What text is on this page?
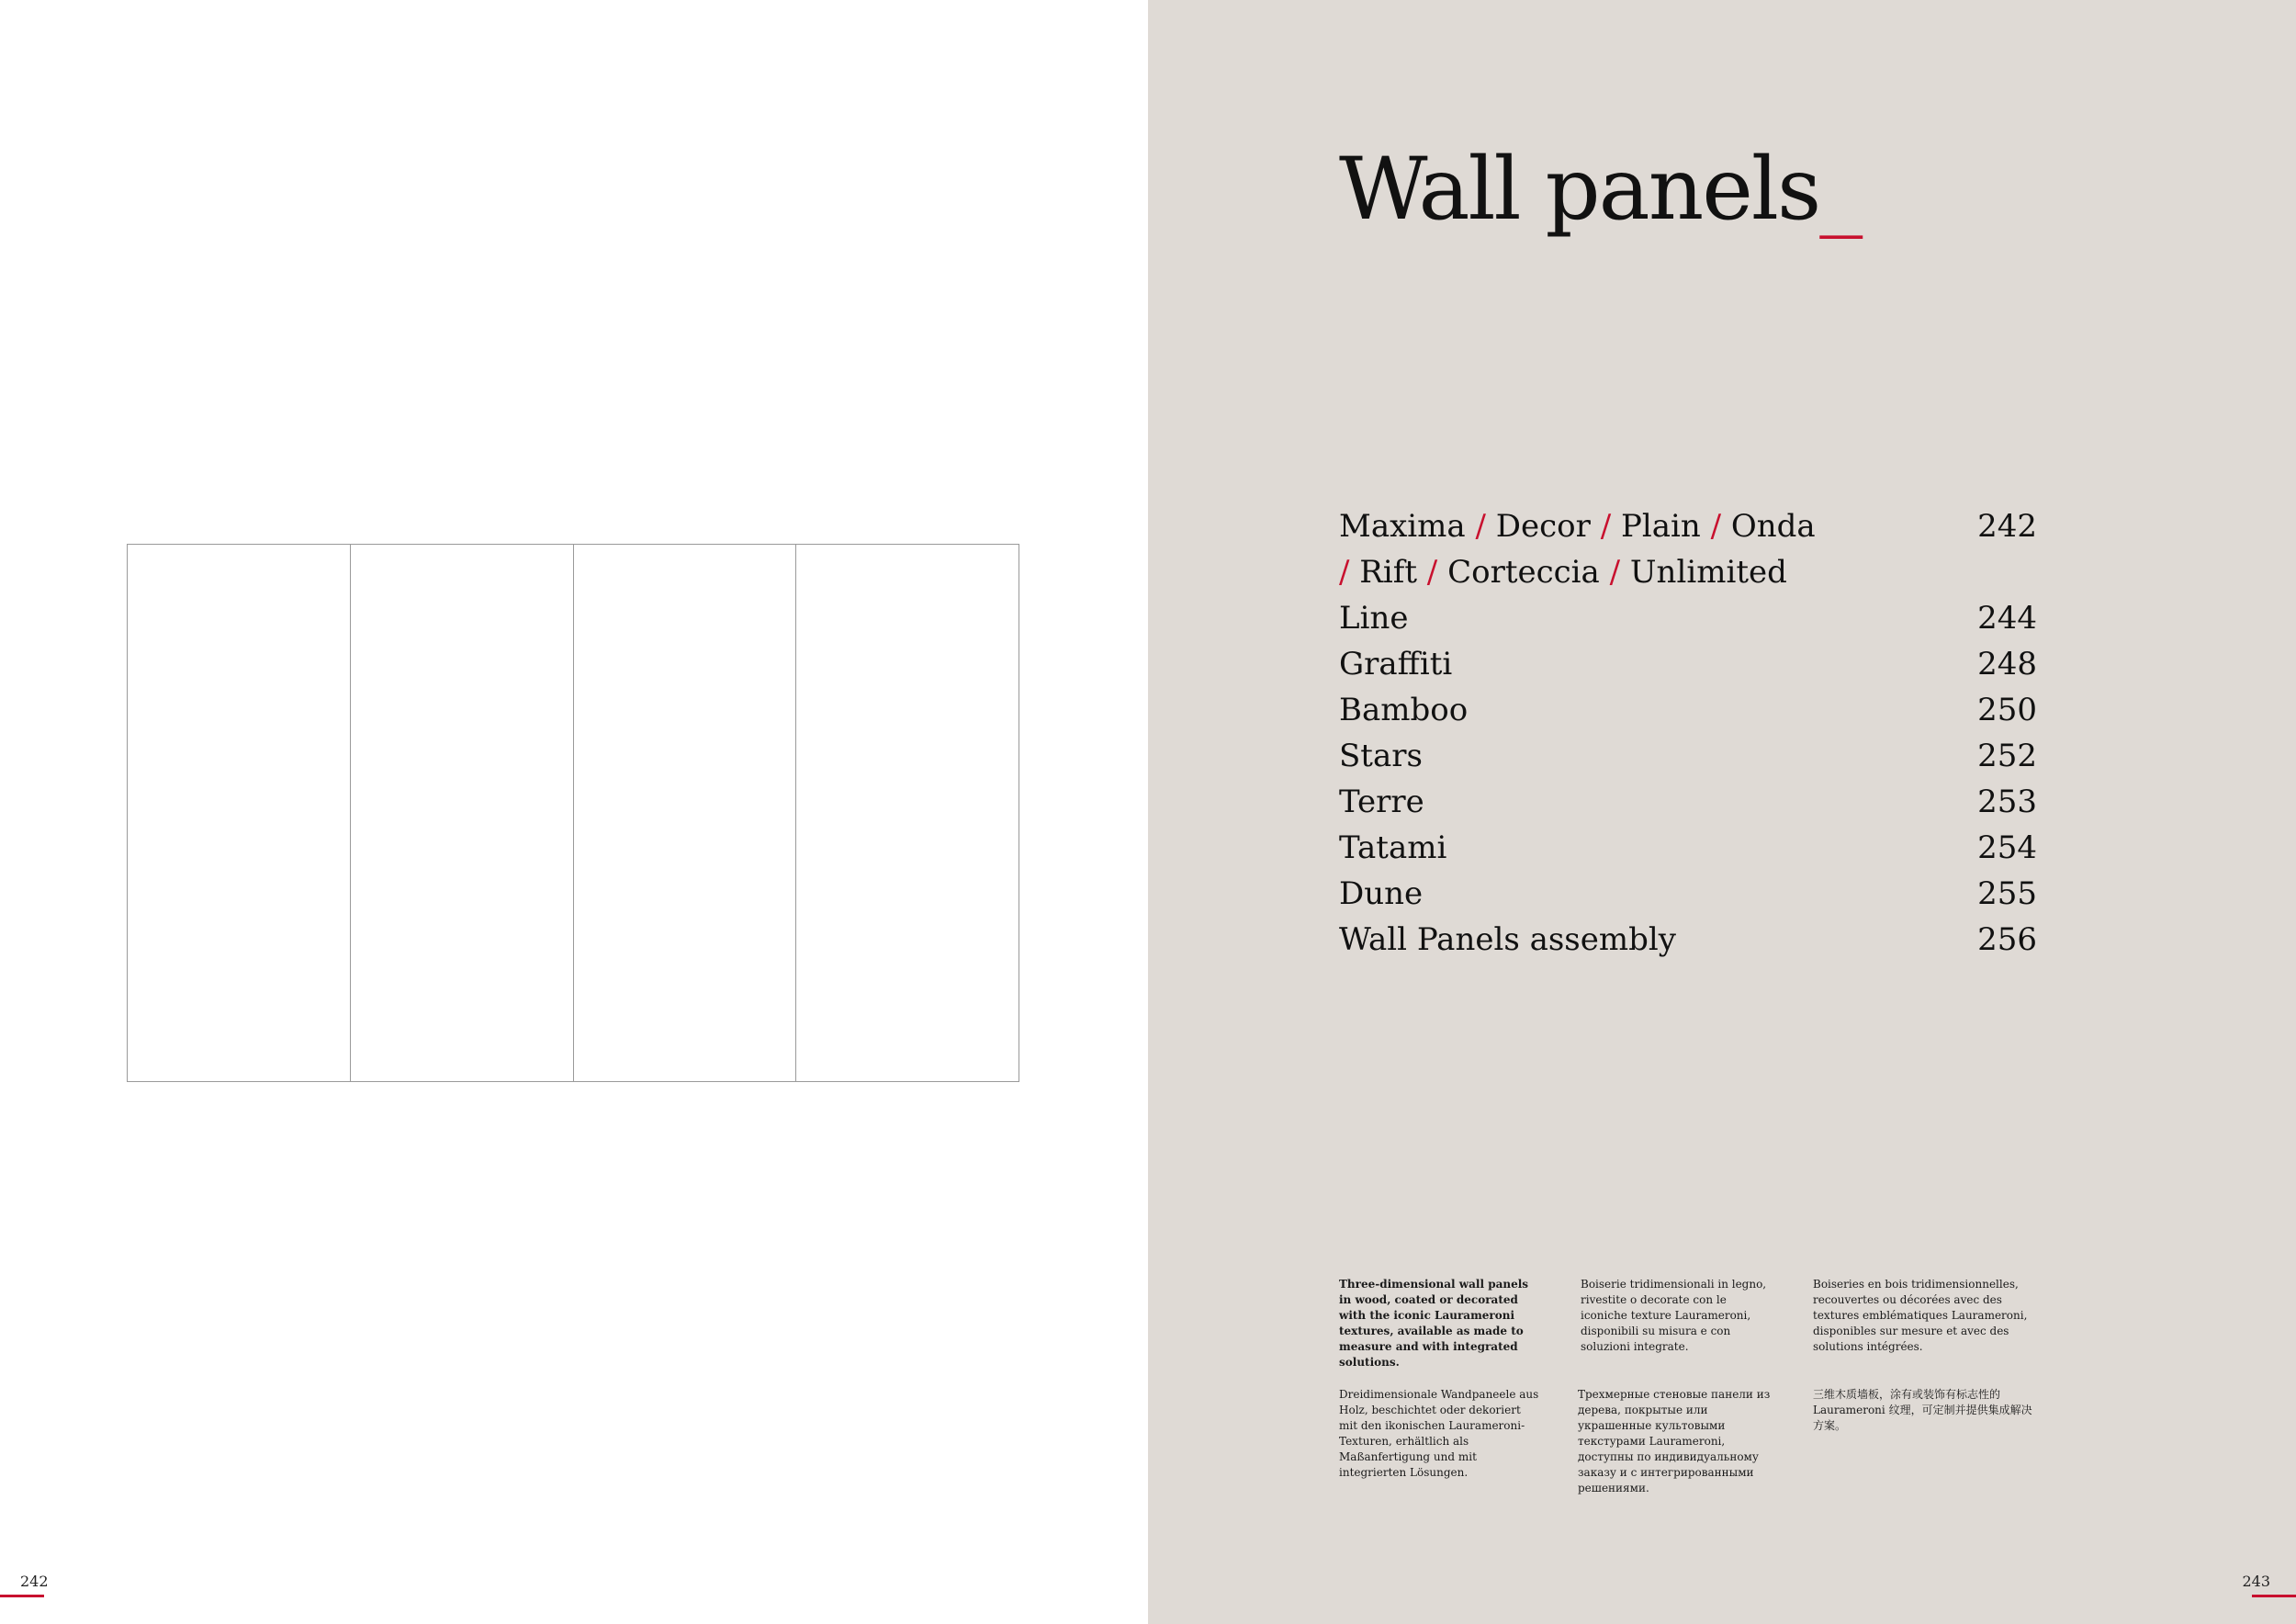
242	243
Wall panels_
Maxima / Decor / Plain / Onda	242
/ Rift / Corteccia / Unlimited
Line	244
Graffiti	248
Bamboo	250
Stars	252
Terre	253
Tatami	254
Dune	255
Wall Panels assembly	256

Three-dimensional wall panels in wood, coated or decorated with the iconic Laurameroni textures, available as made to measure and with integrated solutions.

Boiserie tridimensionali in legno, rivestite o decorate con le iconiche texture Laurameroni, disponibili su misura e con soluzioni integrate.

Boiseries en bois tridimensionnelles, recouvertes ou décorées avec des textures emblématiques Laurameroni, disponibles sur mesure et avec des solutions intégrées.

Dreidimensionale Wandpaneele aus Holz, beschichtet oder dekoriert mit den ikonischen Laurameroni-Texturen, erhältlich als Maßanfertigung und mit integrierten Lösungen.

Трехмерные стеновые панели из дерева, покрытые или украшенные культовыми текстурами Laurameroni, доступны по индивидуальному заказу и с интегрированными решениями.

三维木质墙板，涂有或装饰有标志性的 Laurameroni 纹理，可定制并提供集成解决方案。
